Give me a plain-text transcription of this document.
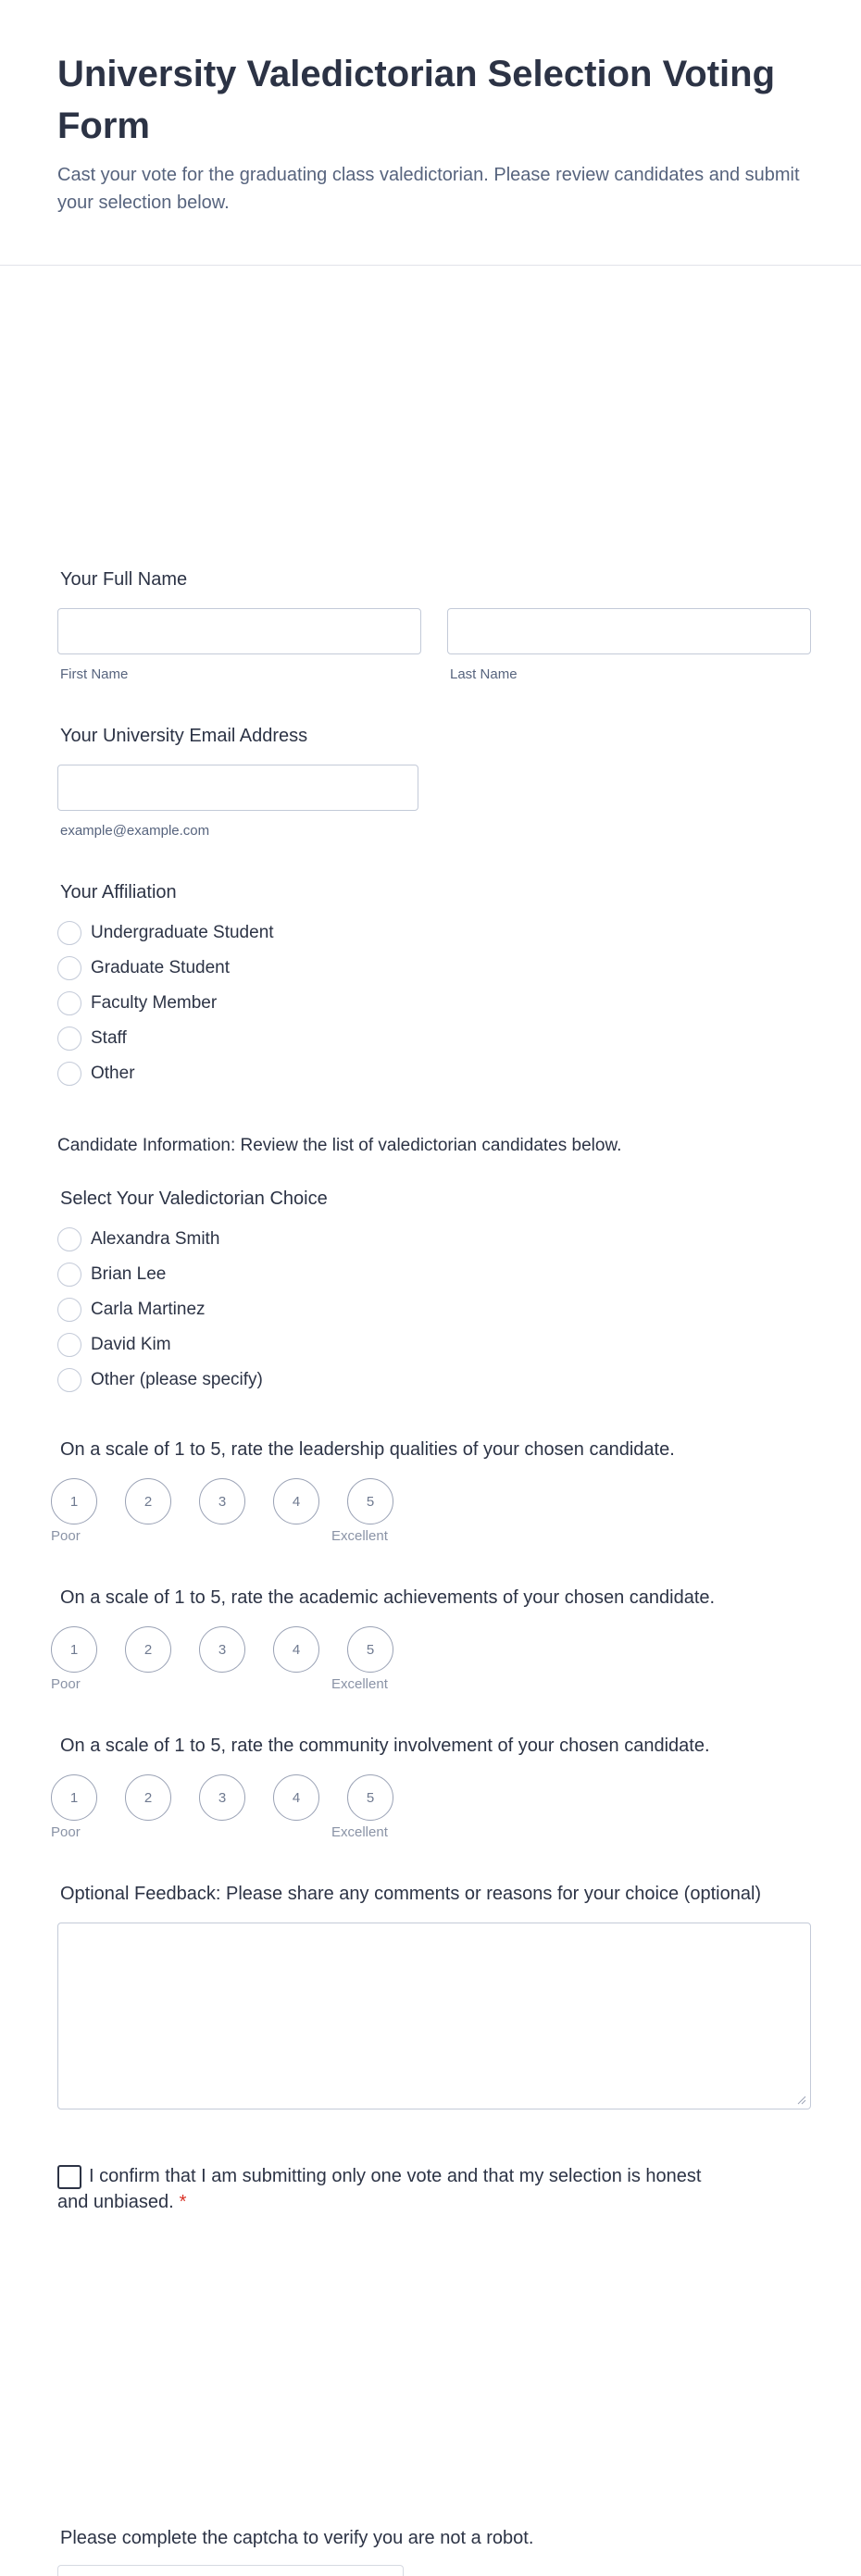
University Valedictorian Selection Voting Form

Cast your vote for the graduating class valedictorian. Please review candidates and submit your selection below.

Your Full Name
First Name	Last Name
Your University Email Address
example@example.com
Your Affiliation
Undergraduate Student
Graduate Student
Faculty Member
Staff
Other
Candidate Information: Review the list of valedictorian candidates below.
Select Your Valedictorian Choice
Alexandra Smith
Brian Lee
Carla Martinez
David Kim
Other (please specify)
On a scale of 1 to 5, rate the leadership qualities of your chosen candidate.
1	2	3	4	5
Poor	Excellent
On a scale of 1 to 5, rate the academic achievements of your chosen candidate.
1	2	3	4	5
Poor	Excellent
On a scale of 1 to 5, rate the community involvement of your chosen candidate.
1	2	3	4	5
Poor	Excellent
Optional Feedback: Please share any comments or reasons for your choice (optional)
I confirm that I am submitting only one vote and that my selection is honest and unbiased. *
Please complete the captcha to verify you are not a robot.
